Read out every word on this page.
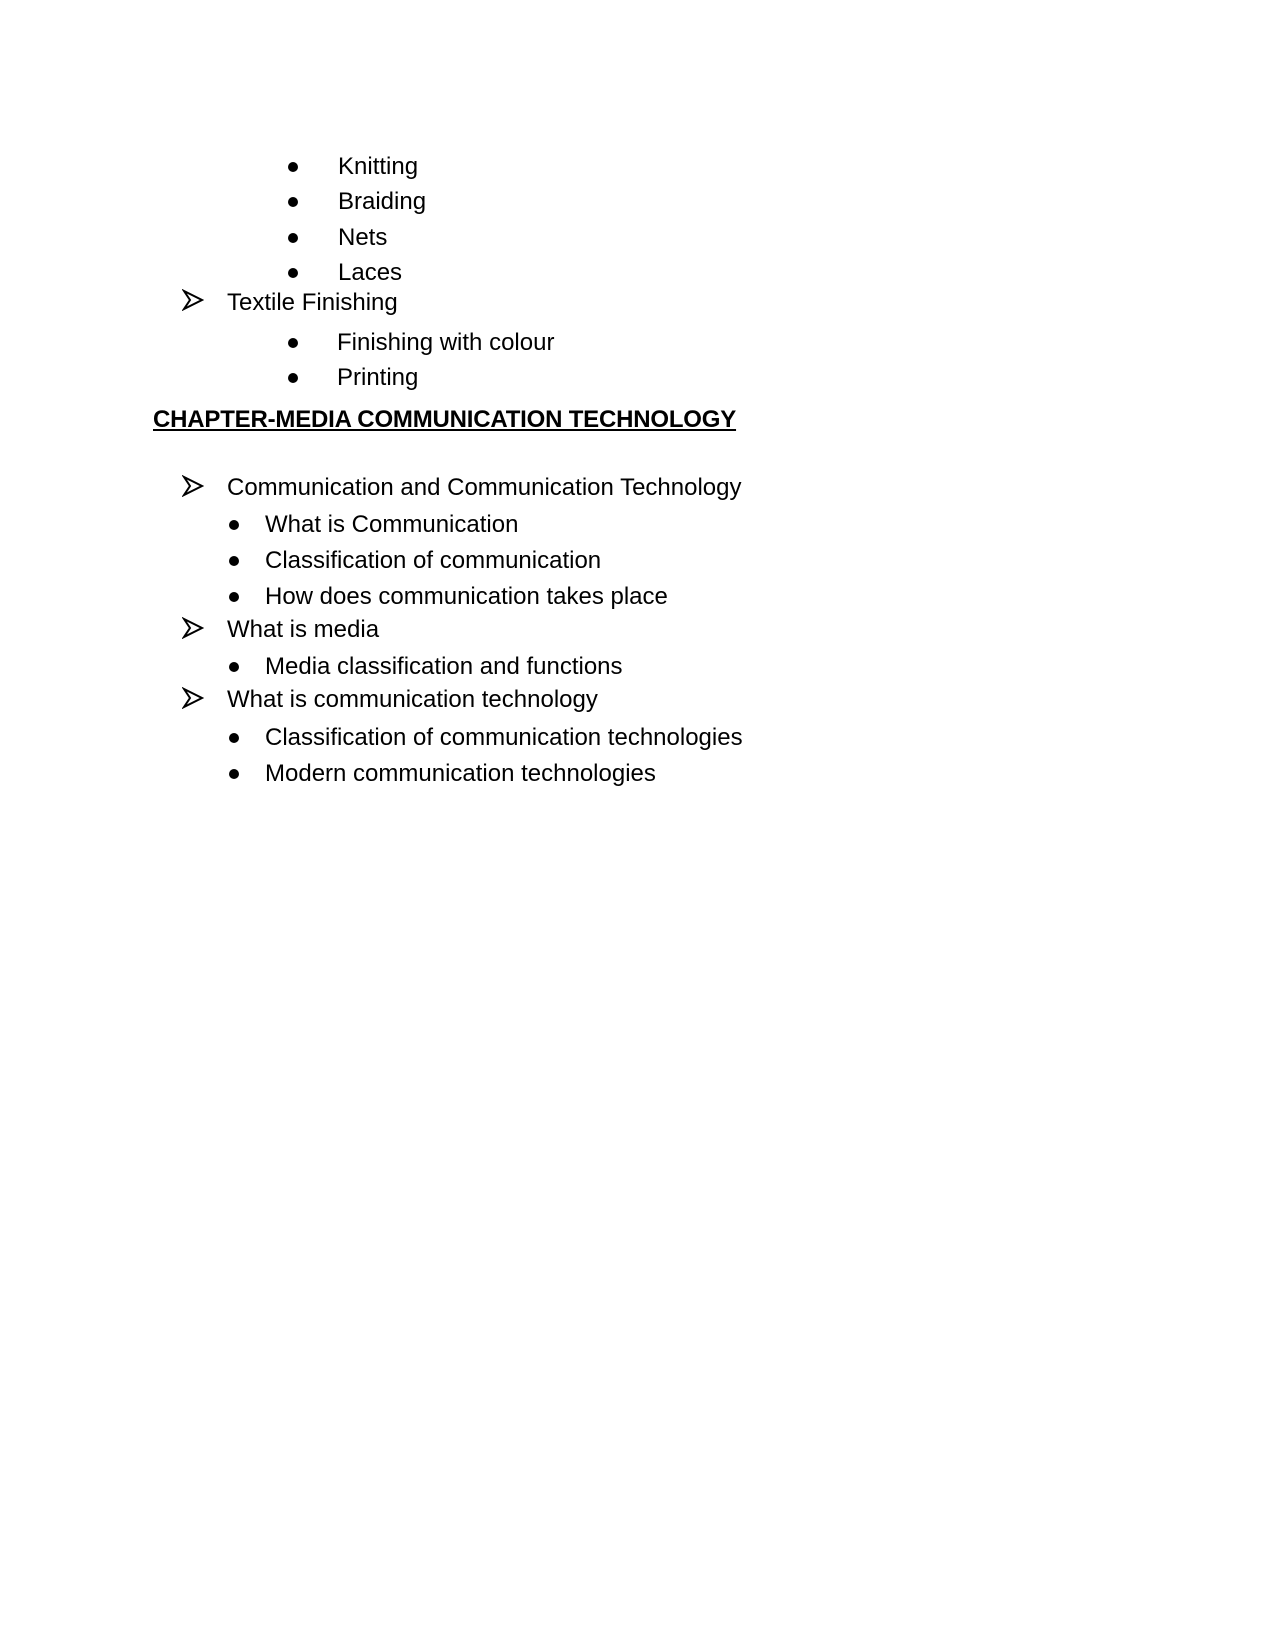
Knitting
Braiding
Nets
Laces
Textile Finishing
Finishing with colour
Printing
CHAPTER-MEDIA COMMUNICATION TECHNOLOGY
Communication and Communication Technology
What is Communication
Classification of communication
How does communication takes place
What is media
Media classification and functions
What is communication technology
Classification of communication technologies
Modern communication technologies
